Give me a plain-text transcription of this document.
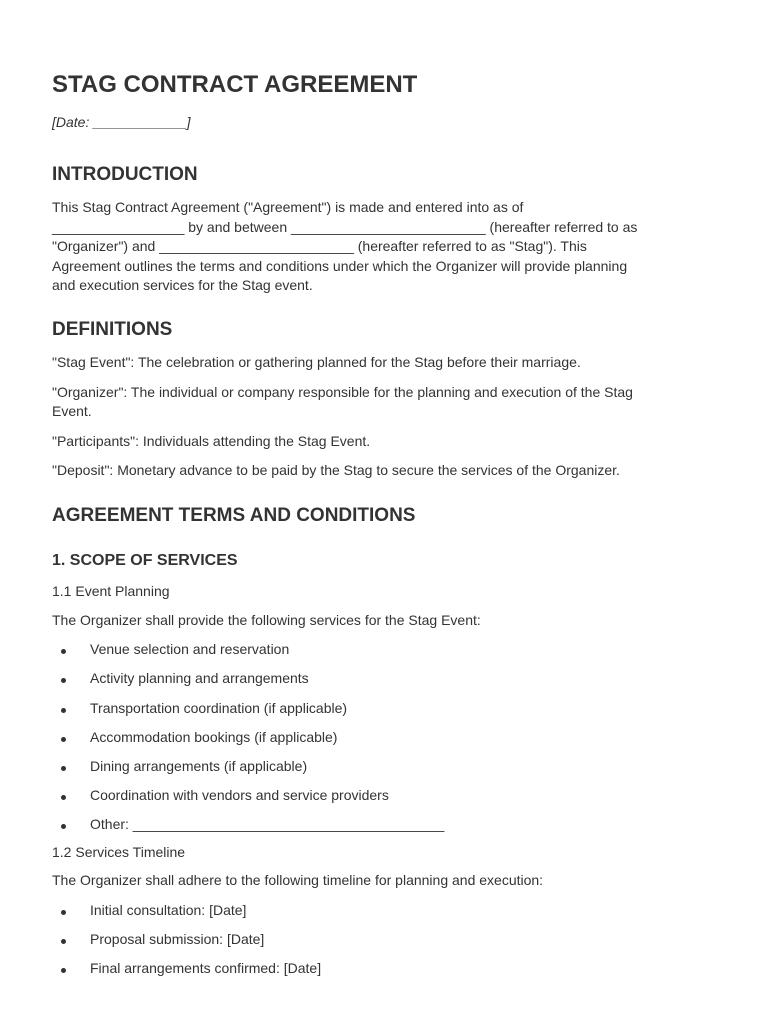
STAG CONTRACT AGREEMENT
[Date: ____________]
INTRODUCTION

This Stag Contract Agreement ("Agreement") is made and entered into as of
_________________ by and between _________________________ (hereafter referred to as
"Organizer") and _________________________ (hereafter referred to as "Stag"). This
Agreement outlines the terms and conditions under which the Organizer will provide planning
and execution services for the Stag event.

DEFINITIONS

"Stag Event": The celebration or gathering planned for the Stag before their marriage.

"Organizer": The individual or company responsible for the planning and execution of the Stag
Event.

"Participants": Individuals attending the Stag Event.

"Deposit": Monetary advance to be paid by the Stag to secure the services of the Organizer.

AGREEMENT TERMS AND CONDITIONS
1. SCOPE OF SERVICES
1.1 Event Planning

The Organizer shall provide the following services for the Stag Event:

Venue selection and reservation
Activity planning and arrangements
Transportation coordination (if applicable)
Accommodation bookings (if applicable)
Dining arrangements (if applicable)
Coordination with vendors and service providers
Other: ________________________________________
1.2 Services Timeline

The Organizer shall adhere to the following timeline for planning and execution:

Initial consultation: [Date]
Proposal submission: [Date]
Final arrangements confirmed: [Date]
